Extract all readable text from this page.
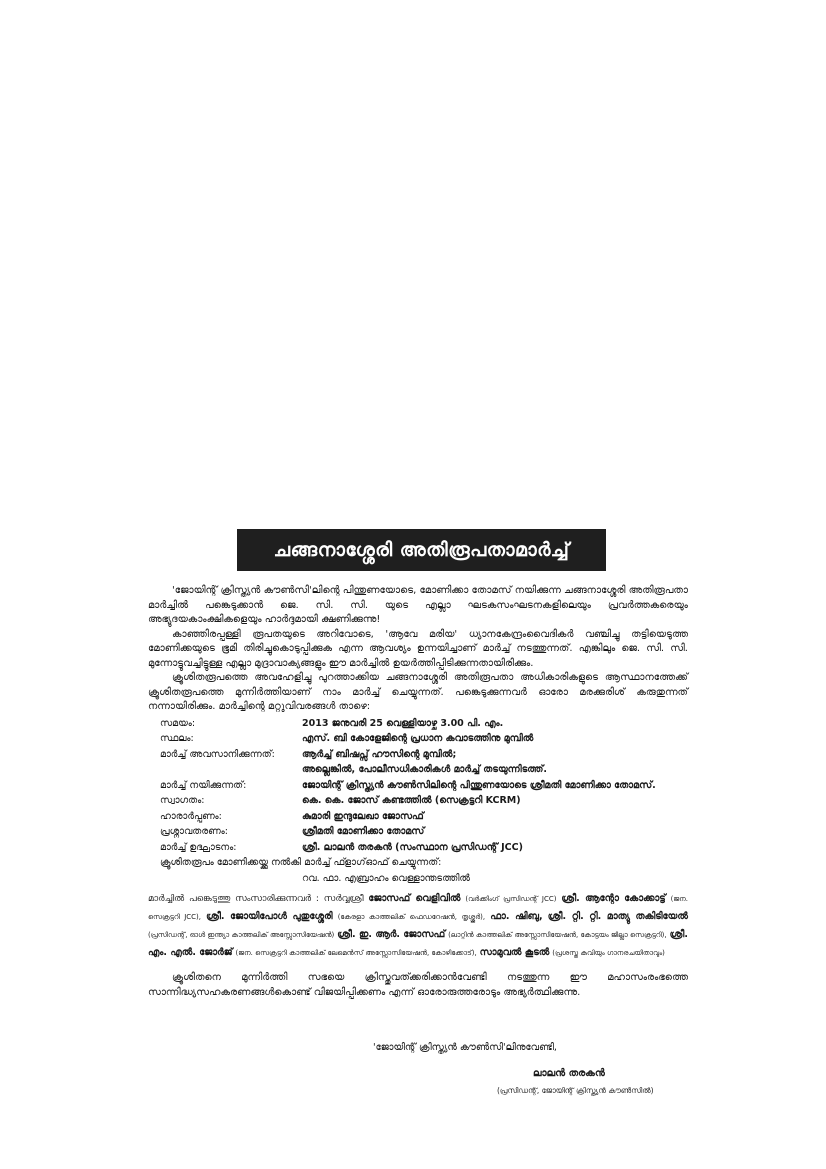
ചങ്ങനാശ്ശേരി അതിരൂപതാമാർച്ച്

'ജോയിന്റ് ക്രിസ്ത്യൻ കൗൺസി'ലിന്റെ പിന്തുണയോടെ, മോണിക്കാ തോമസ് നയിക്കുന്ന ചങ്ങനാശ്ശേരി അതിരൂപതാ മാർച്ചിൽ പങ്കെടുക്കാൻ ജെ. സി. സി. യുടെ എല്ലാ ഘടകസംഘടനകളിലെയും പ്രവർത്തകരെയും അഭ്യുദയകാംക്ഷികളെയും ഹാർദ്ദമായി ക്ഷണിക്കുന്നു!

കാഞ്ഞിരപ്പള്ളി രൂപതയുടെ അറിവോടെ, 'ആവേ മരിയ' ധ്യാനകേന്ദ്രംവൈദികർ വഞ്ചിച്ചു തട്ടിയെടുത്ത മോണിക്കയുടെ ഭൂമി തിരിച്ചുകൊടുപ്പിക്കുക എന്ന ആവശ്യം ഉന്നയിച്ചാണ് മാർച്ച് നടത്തുന്നത്. എങ്കിലും ജെ. സി. സി. മുന്നോട്ടുവച്ചിട്ടുള്ള എല്ലാ മുദ്രാവാക്യങ്ങളും ഈ മാർച്ചിൽ ഉയർത്തിപ്പിടിക്കുന്നതായിരിക്കും.

ക്രൂശിതരൂപത്തെ അവഹേളിച്ചു പുറത്താക്കിയ ചങ്ങനാശ്ശേരി അതിരൂപതാ അധികാരികളുടെ ആസ്ഥാനത്തേക്ക് ക്രൂശിതരൂപത്തെ മുന്നിർത്തിയാണ് നാം മാർച്ച് ചെയ്യുന്നത്. പങ്കെടുക്കുന്നവർ ഓരോ മരക്കുരിശ് കരുതുന്നത് നന്നായിരിക്കും. മാർച്ചിന്റെ മറ്റുവിവരങ്ങൾ താഴെ:

സമയം:	2013 ജനുവരി 25 വെള്ളിയാഴ്ച 3.00 പി. എം.
സ്ഥലം:	എസ്. ബി കോളേജിന്റെ പ്രധാന കവാടത്തിനു മുമ്പിൽ
മാർച്ച് അവസാനിക്കുന്നത്:	ആർച്ച് ബിഷപ്സ് ഹൗസിന്റെ മുമ്പിൽ;
അല്ലെങ്കിൽ, പോലീസധികാരികൾ മാർച്ച് തടയുന്നിടത്ത്.
മാർച്ച് നയിക്കുന്നത്:	ജോയിന്റ് ക്രിസ്ത്യൻ കൗൺസിലിന്റെ പിന്തുണയോടെ ശ്രീമതി മോണിക്കാ തോമസ്.
സ്വാഗതം:	കെ. കെ. ജോസ് കണ്ടത്തിൽ (സെക്രട്ടറി KCRM)
ഹാരാർപ്പണം:	കുമാരി ഇന്ദുലേഖാ ജോസഫ്
പ്രശ്നാവതരണം:	ശ്രീമതി മോണിക്കാ തോമസ്
മാർച്ച് ഉദ്ഘാടനം:	ശ്രീ. ലാലൻ തരകൻ (സംസ്ഥാന പ്രസിഡന്റ് JCC)
ക്രൂശിതരൂപം മോണിക്കയ്ക്കു നൽകി മാർച്ച് ഫ്ളാഗ്ഓഫ് ചെയ്യുന്നത്:
റവ. ഫാ. എബ്രാഹം വെള്ളാന്തടത്തിൽ

മാർച്ചിൽ പങ്കെടുത്തു സംസാരിക്കുന്നവർ : സർവ്വശ്രീ ജോസഫ് വെളിവിൽ (വർക്കിംഗ് പ്രസിഡന്റ് JCC) ശ്രീ. ആന്റോ കോക്കാട്ട് (ജന. സെക്രട്ടറി JCC), ശ്രീ. ജോയിപോൾ പുതുശ്ശേരി (കേരളാ കാത്തലിക് ഫെഡറേഷൻ, തൃശ്ശൂർ), ഫാ. ഷിബു, ശ്രീ. റ്റി. റ്റി. മാത്യു തകിടിയേൽ (പ്രസിഡന്റ്, ഓൾ ഇന്ത്യാ കാത്തലിക് അസ്സോസിയേഷൻ) ശ്രീ. ഇ. ആർ. ജോസഫ് (ലാറ്റിൻ കാത്തലിക് അസ്സോസിയേഷൻ, കോട്ടയം ജില്ലാ സെക്രട്ടറി), ശ്രീ. എം. എൽ. ജോർജ് (ജന. സെക്രട്ടറി കാത്തലിക് ലേമെൻസ് അസ്സോസിയേഷൻ, കോഴിക്കോട്), സാമുവൽ കൂടൽ (പ്രശസ്ത കവിയും ഗാനരചയിതാവും)

ക്രൂശിതനെ മുന്നിർത്തി സഭയെ ക്രിസ്തുവത്ക്കരിക്കാൻവേണ്ടി നടത്തുന്ന ഈ മഹാസംരംഭത്തെ സാന്നിദ്ധ്യസഹകരണങ്ങൾകൊണ്ട് വിജയിപ്പിക്കണം എന്ന് ഓരോരുത്തരോടും അഭ്യർത്ഥിക്കുന്നു.

'ജോയിന്റ് ക്രിസ്ത്യൻ കൗൺസി'ലിനുവേണ്ടി,
ലാലൻ തരകൻ
(പ്രസിഡന്റ്, ജോയിന്റ് ക്രിസ്ത്യൻ കൗൺസിൽ)
